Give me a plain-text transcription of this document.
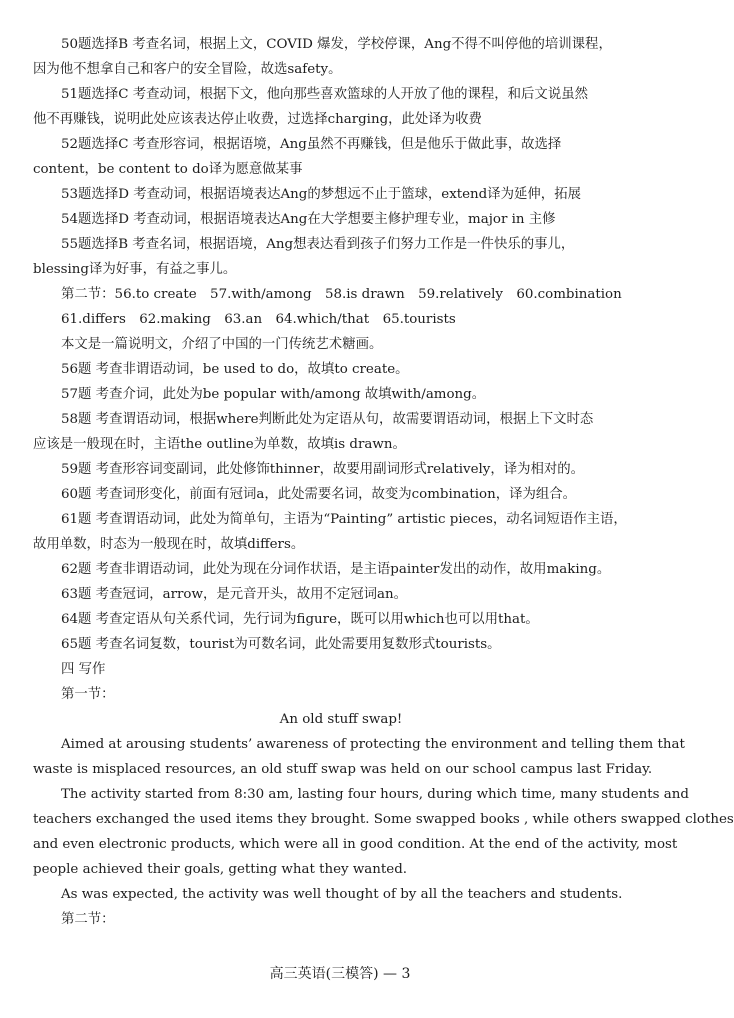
50题选择B 考查名词，根据上文，COVID 爆发，学校停课，Ang不得不叫停他的培训课程，
因为他不想拿自己和客户的安全冒险，故选safety。
51题选择C 考查动词，根据下文，他向那些喜欢篮球的人开放了他的课程，和后文说虽然
他不再赚钱，说明此处应该表达停止收费，过选择charging，此处译为收费
52题选择C 考查形容词，根据语境，Ang虽然不再赚钱，但是他乐于做此事，故选择
content，be content to do译为愿意做某事
53题选择D 考查动词，根据语境表达Ang的梦想远不止于篮球，extend译为延伸，拓展
54题选择D 考查动词，根据语境表达Ang在大学想要主修护理专业，major in 主修
55题选择B 考查名词，根据语境，Ang想表达看到孩子们努力工作是一件快乐的事儿，
blessing译为好事，有益之事儿。
第二节：56.to create　57.with/among　58.is drawn　59.relatively　60.combination
61.differs　62.making　63.an　64.which/that　65.tourists
本文是一篇说明文，介绍了中国的一门传统艺术糖画。
56题 考查非谓语动词，be used to do，故填to create。
57题 考查介词，此处为be popular with/among 故填with/among。
58题 考查谓语动词，根据where判断此处为定语从句，故需要谓语动词，根据上下文时态
应该是一般现在时，主语the outline为单数，故填is drawn。
59题 考查形容词变副词，此处修饰thinner，故要用副词形式relatively，译为相对的。
60题 考查词形变化，前面有冠词a，此处需要名词，故变为combination，译为组合。
61题 考查谓语动词，此处为简单句，主语为“Painting” artistic pieces，动名词短语作主语，
故用单数，时态为一般现在时，故填differs。
62题 考查非谓语动词，此处为现在分词作状语，是主语painter发出的动作，故用making。
63题 考查冠词，arrow，是元音开头，故用不定冠词an。
64题 考查定语从句关系代词，先行词为figure，既可以用which也可以用that。
65题 考查名词复数，tourist为可数名词，此处需要用复数形式tourists。
四 写作
第一节：
An old stuff swap!
Aimed at arousing students’ awareness of protecting the environment and telling them that
waste is misplaced resources, an old stuff swap was held on our school campus last Friday.
The activity started from 8:30 am, lasting four hours, during which time, many students and
teachers exchanged the used items they brought. Some swapped books , while others swapped clothes
and even electronic products, which were all in good condition. At the end of the activity, most
people achieved their goals, getting what they wanted.
As was expected, the activity was well thought of by all the teachers and students.
第二节：
高三英语(三模答) — 3
